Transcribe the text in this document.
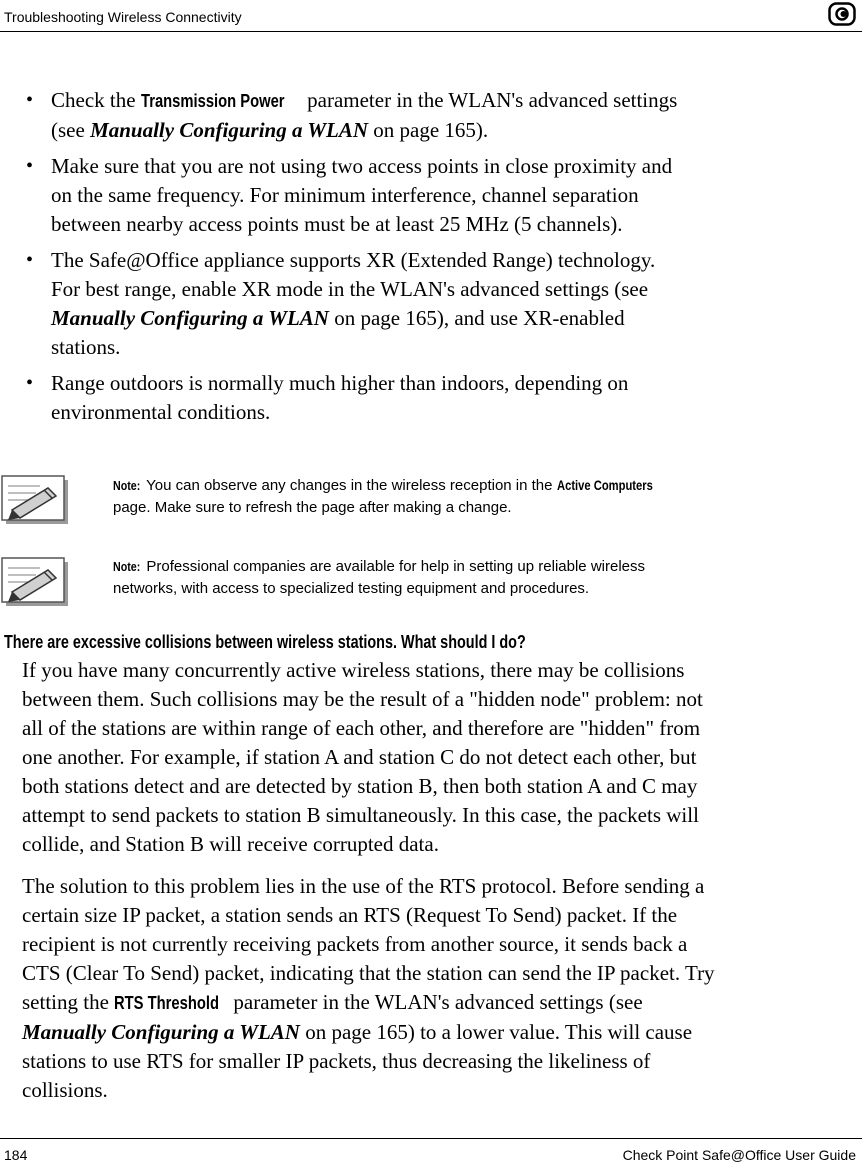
Troubleshooting Wireless Connectivity
• Check the Transmission Power parameter in the WLAN's advanced settings
(see Manually Configuring a WLAN on page 165).
• Make sure that you are not using two access points in close proximity and
on the same frequency. For minimum interference, channel separation
between nearby access points must be at least 25 MHz (5 channels).
• The Safe@Office appliance supports XR (Extended Range) technology.
For best range, enable XR mode in the WLAN's advanced settings (see
Manually Configuring a WLAN on page 165), and use XR-enabled
stations.
• Range outdoors is normally much higher than indoors, depending on
environmental conditions.
Note: You can observe any changes in the wireless reception in the Active Computers
page. Make sure to refresh the page after making a change.
Note: Professional companies are available for help in setting up reliable wireless
networks, with access to specialized testing equipment and procedures.
There are excessive collisions between wireless stations. What should I do?

If you have many concurrently active wireless stations, there may be collisions
between them. Such collisions may be the result of a "hidden node" problem: not
all of the stations are within range of each other, and therefore are "hidden" from
one another. For example, if station A and station C do not detect each other, but
both stations detect and are detected by station B, then both station A and C may
attempt to send packets to station B simultaneously. In this case, the packets will
collide, and Station B will receive corrupted data.

The solution to this problem lies in the use of the RTS protocol. Before sending a
certain size IP packet, a station sends an RTS (Request To Send) packet. If the
recipient is not currently receiving packets from another source, it sends back a
CTS (Clear To Send) packet, indicating that the station can send the IP packet. Try
setting the RTS Threshold parameter in the WLAN's advanced settings (see
Manually Configuring a WLAN on page 165) to a lower value. This will cause
stations to use RTS for smaller IP packets, thus decreasing the likeliness of
collisions.

184	Check Point Safe@Office User Guide
